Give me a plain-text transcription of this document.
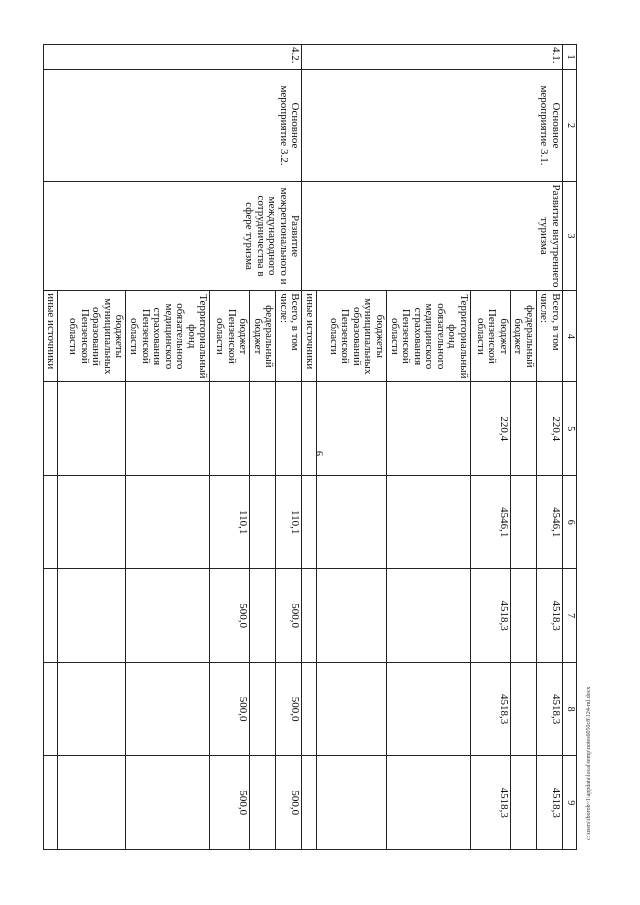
9
c:\users\iborob~1\appdata\local\temp\notes6050c8\124-ml.docx
1	2	3	4	5	6	7	8	9
4.1.	Основное мероприятие 3.1.	Развитие внутреннего туризма	Всего, в том числе:	220,4	4546,1	4518,3	4518,3	4518,3
			федеральный бюджет					
			бюджет Пензенской области	220,4	4546,1	4518,3	4518,3	4518,3
			Территориальный фонд обязательного медицинского страхования Пензенской области					
			бюджеты муниципальных образований Пензенской области					
			иные источники					
4.2.	Основное мероприятие 3.2.	Развитие межрегионального и международного сотрудничества в сфере туризма	Всего, в том числе:		110,1	500,0	500,0	500,0
			федеральный бюджет					
			бюджет Пензенской области		110,1	500,0	500,0	500,0
			Территориальный фонд обязательного медицинского страхования Пензенской области					
			бюджеты муниципальных образований Пензенской области					
			иные источники					
